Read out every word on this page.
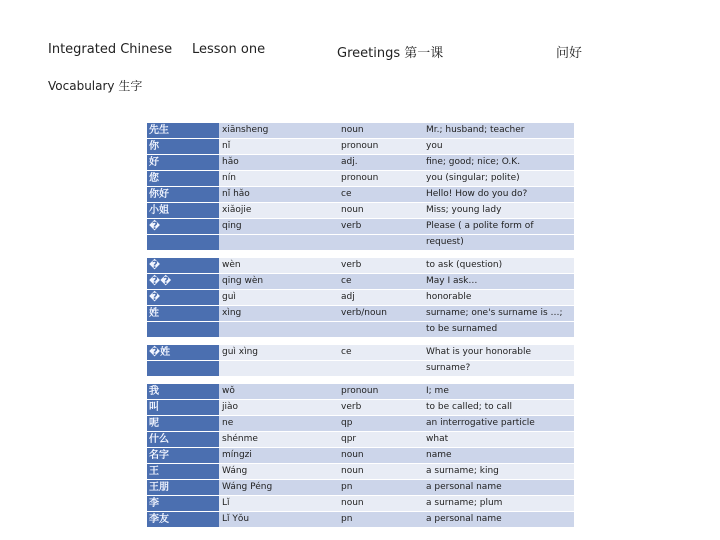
Integrated Chinese Lesson one	Greetings 第一课	问好
Vocabulary 生字
先生	xiānsheng	noun	Mr.; husband; teacher
你	nǐ	pronoun	you
好	hǎo	adj.	fine; good; nice; O.K.
您	nín	pronoun	you (singular; polite)
你好	nǐ hǎo	ce	Hello! How do you do?
小姐	xiǎojie	noun	Miss; young lady
�	qing	verb	Please ( a polite form of
			request)

�	wèn	verb	to ask (question)
��	qing wèn	ce	May I ask…
�	guì	adj	honorable
姓	xìng	verb/noun	surname; one's surname is …;
			to be surnamed

�姓	guì xìng	ce	What is your honorable
			surname?

我	wǒ	pronoun	I; me
叫	jiào	verb	to be called; to call
呢	ne	qp	an interrogative particle
什么	shénme	qpr	what
名字	míngzi	noun	name
王	Wáng	noun	a surname; king
王朋	Wáng Péng	pn	a personal name
李	Lǐ	noun	a surname; plum
李友	Lǐ Yǒu	pn	a personal name
